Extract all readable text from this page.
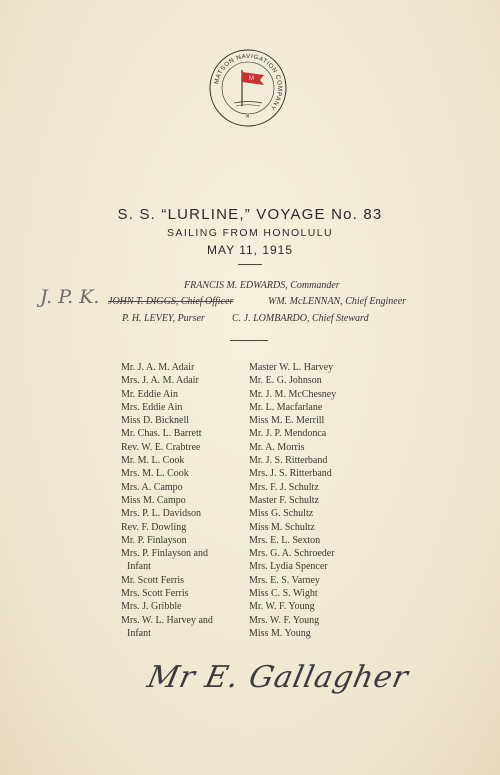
MATSON NAVIGATION COMPANY
M
·✕·
S. S. “LURLINE,” VOYAGE No. 83
SAILING FROM HONOLULU
MAY 11, 1915
FRANCIS M. EDWARDS, Commander
J. P. K. JOHN T. DIGGS, Chief Officer	WM. McLENNAN, Chief Engineer
P. H. LEVEY, Purser	C. J. LOMBARDO, Chief Steward
Mr. J. A. M. Adair
Mrs. J. A. M. Adair
Mr. Eddie Ain
Mrs. Eddie Ain
Miss D. Bicknell
Mr. Chas. L. Barrett
Rev. W. E. Crabtree
Mr. M. L. Cook
Mrs. M. L. Cook
Mrs. A. Campo
Miss M. Campo
Mrs. P. L. Davidson
Rev. F. Dowling
Mr. P. Finlayson
Mrs. P. Finlayson and
Infant
Mr. Scott Ferris
Mrs. Scott Ferris
Mrs. J. Gribble
Mrs. W. L. Harvey and
Infant
Master W. L. Harvey
Mr. E. G. Johnson
Mr. J. M. McChesney
Mr. L. Macfarlane
Miss M. E. Merrill
Mr. J. P. Mendonca
Mr. A. Morris
Mr. J. S. Ritterband
Mrs. J. S. Ritterband
Mrs. F. J. Schultz
Master F. Schultz
Miss G. Schultz
Miss M. Schultz
Mrs. E. L. Sexton
Mrs. G. A. Schroeder
Mrs. Lydia Spencer
Mrs. E. S. Varney
Miss C. S. Wight
Mr. W. F. Young
Mrs. W. F. Young
Miss M. Young
Mr E. Gallagher
